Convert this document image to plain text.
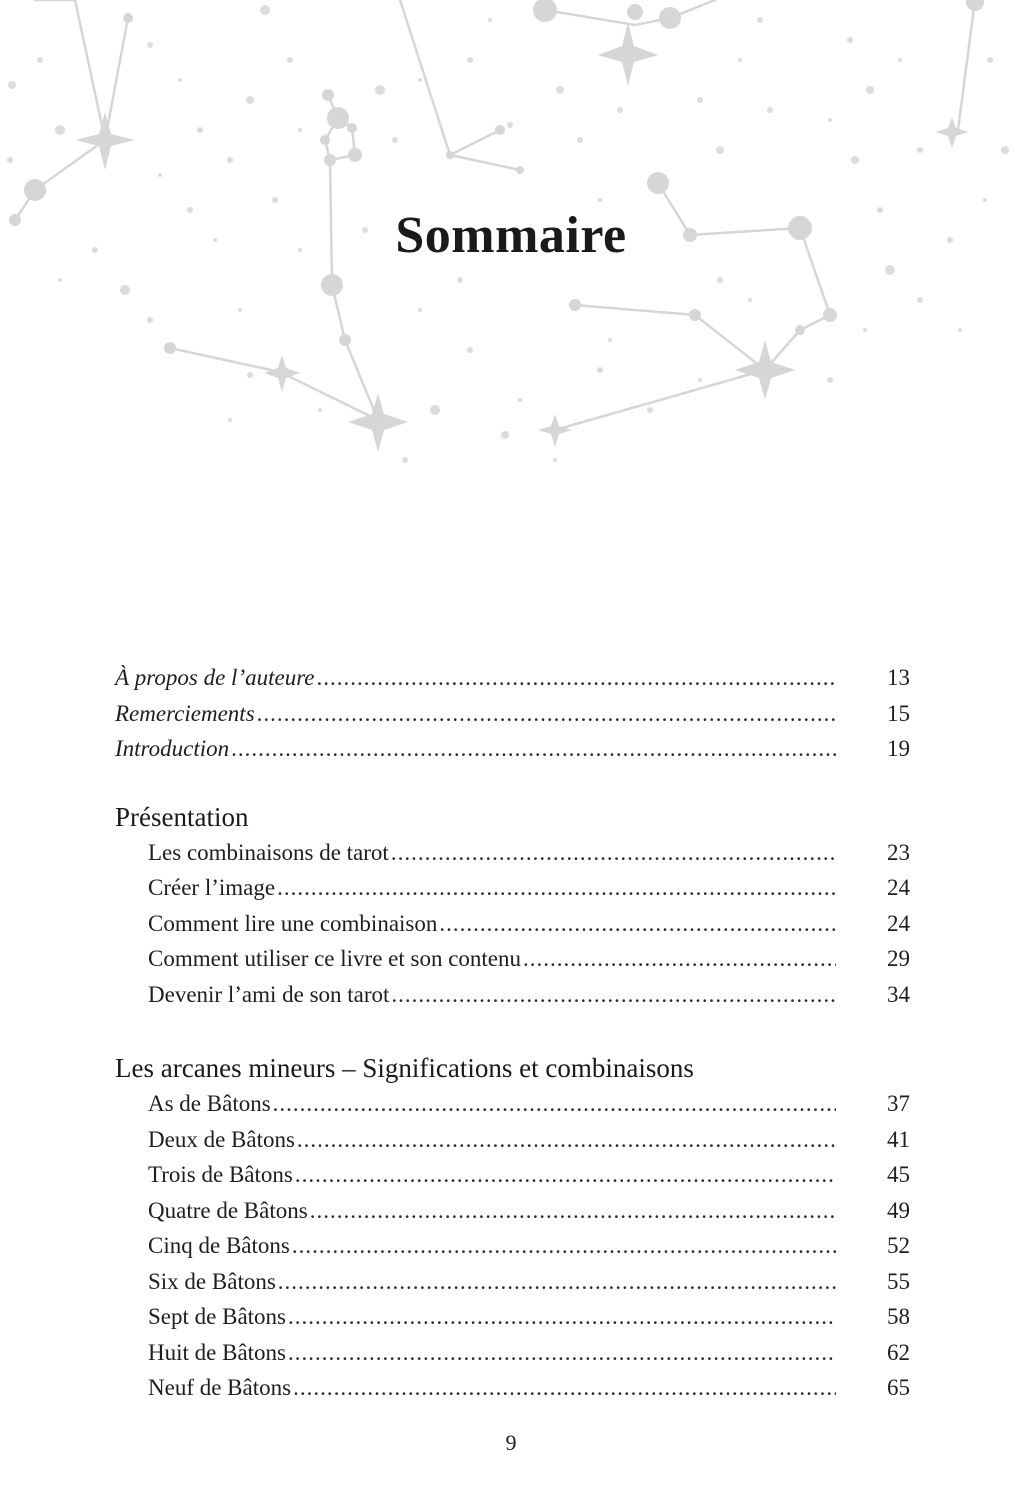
Sommaire
À propos de l’auteure .....	13
Remerciements .....	15
Introduction .....	19
Présentation
Les combinaisons de tarot .....	23
Créer l’image .....	24
Comment lire une combinaison .....	24
Comment utiliser ce livre et son contenu .....	29
Devenir l’ami de son tarot .....	34
Les arcanes mineurs – Significations et combinaisons
As de Bâtons .....	37
Deux de Bâtons .....	41
Trois de Bâtons .....	45
Quatre de Bâtons .....	49
Cinq de Bâtons .....	52
Six de Bâtons .....	55
Sept de Bâtons .....	58
Huit de Bâtons .....	62
Neuf de Bâtons .....	65
9
